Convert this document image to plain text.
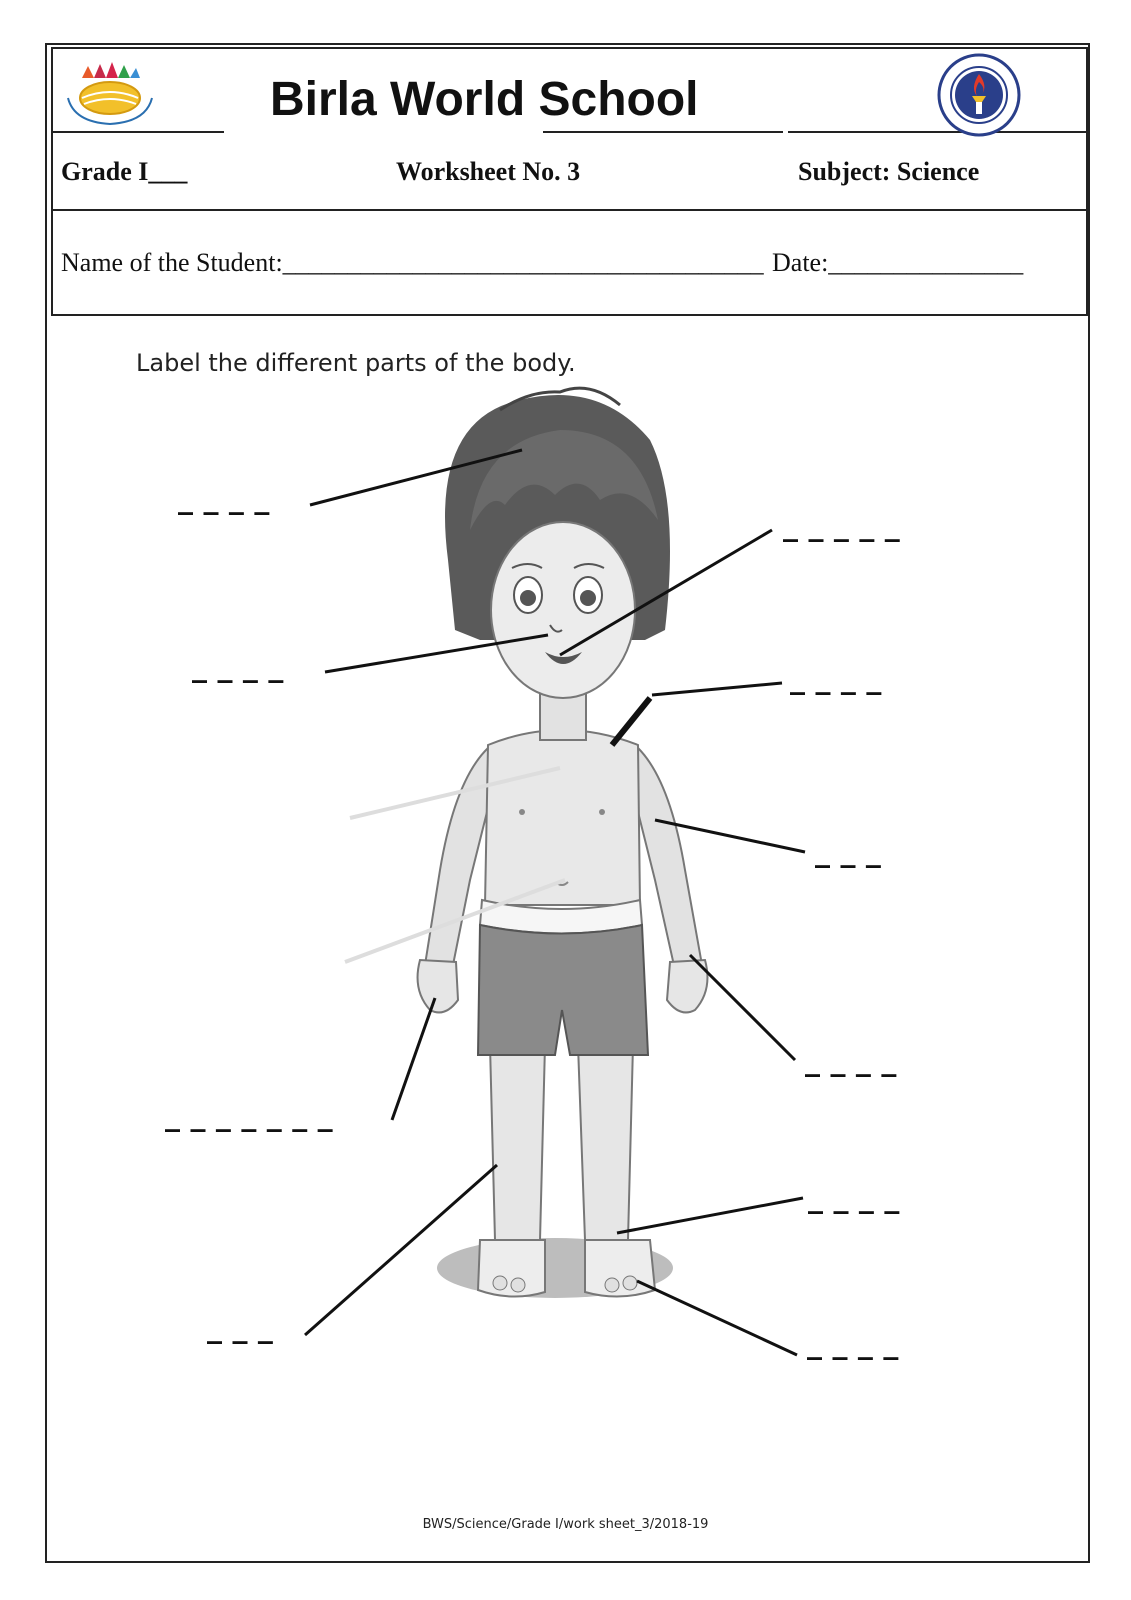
Birla World School
Grade I___	Worksheet No. 3	Subject: Science
Name of the Student:_____________________________________ Date:_______________
Label the different parts of the body.
_ _ _ _
_ _ _ _ _
_ _ _ _	_ _ _ _
_ _ _
_ _ _ _
_ _ _ _ _ _ _
_ _ _ _
_ _ _	_ _ _ _
BWS/Science/Grade I/work sheet_3/2018-19
